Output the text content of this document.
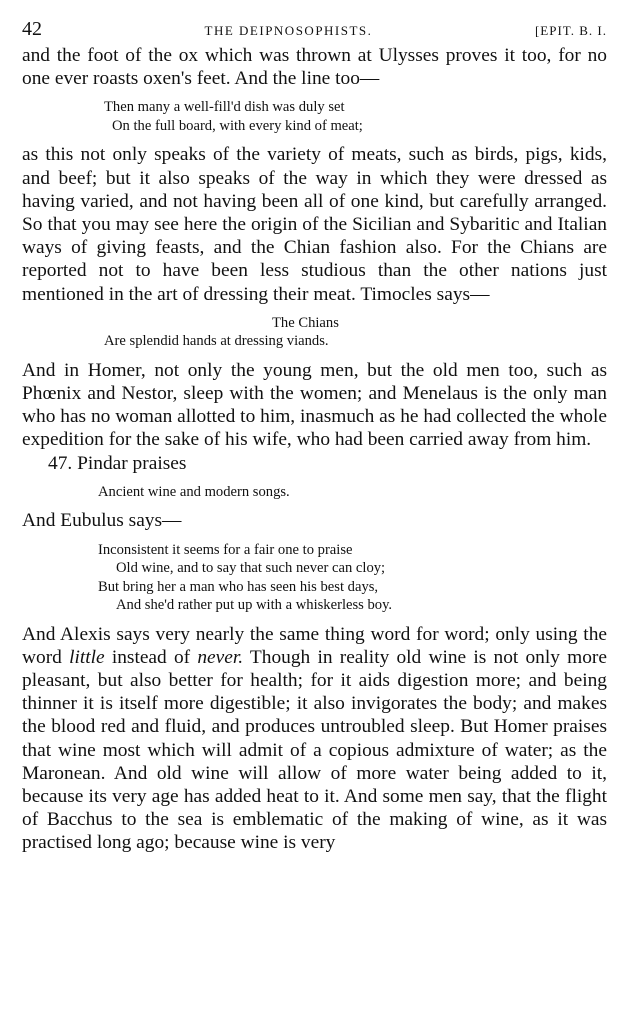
42	THE DEIPNOSOPHISTS.	[EPIT. B. I.

and the foot of the ox which was thrown at Ulysses proves it too, for no one ever roasts oxen's feet. And the line too—

Then many a well-fill'd dish was duly set
On the full board, with every kind of meat;

as this not only speaks of the variety of meats, such as birds, pigs, kids, and beef; but it also speaks of the way in which they were dressed as having varied, and not having been all of one kind, but carefully arranged. So that you may see here the origin of the Sicilian and Sybaritic and Italian ways of giving feasts, and the Chian fashion also. For the Chians are reported not to have been less studious than the other nations just mentioned in the art of dressing their meat. Timocles says—

The Chians
Are splendid hands at dressing viands.

And in Homer, not only the young men, but the old men too, such as Phœnix and Nestor, sleep with the women; and Menelaus is the only man who has no woman allotted to him, inasmuch as he had collected the whole expedition for the sake of his wife, who had been carried away from him.

47. Pindar praises
Ancient wine and modern songs.
And Eubulus says—
Inconsistent it seems for a fair one to praise
Old wine, and to say that such never can cloy;
But bring her a man who has seen his best days,
And she'd rather put up with a whiskerless boy.

And Alexis says very nearly the same thing word for word; only using the word little instead of never. Though in reality old wine is not only more pleasant, but also better for health; for it aids digestion more; and being thinner it is itself more digestible; it also invigorates the body; and makes the blood red and fluid, and produces untroubled sleep. But Homer praises that wine most which will admit of a copious admixture of water; as the Maronean. And old wine will allow of more water being added to it, because its very age has added heat to it. And some men say, that the flight of Bacchus to the sea is emblematic of the making of wine, as it was practised long ago; because wine is very
